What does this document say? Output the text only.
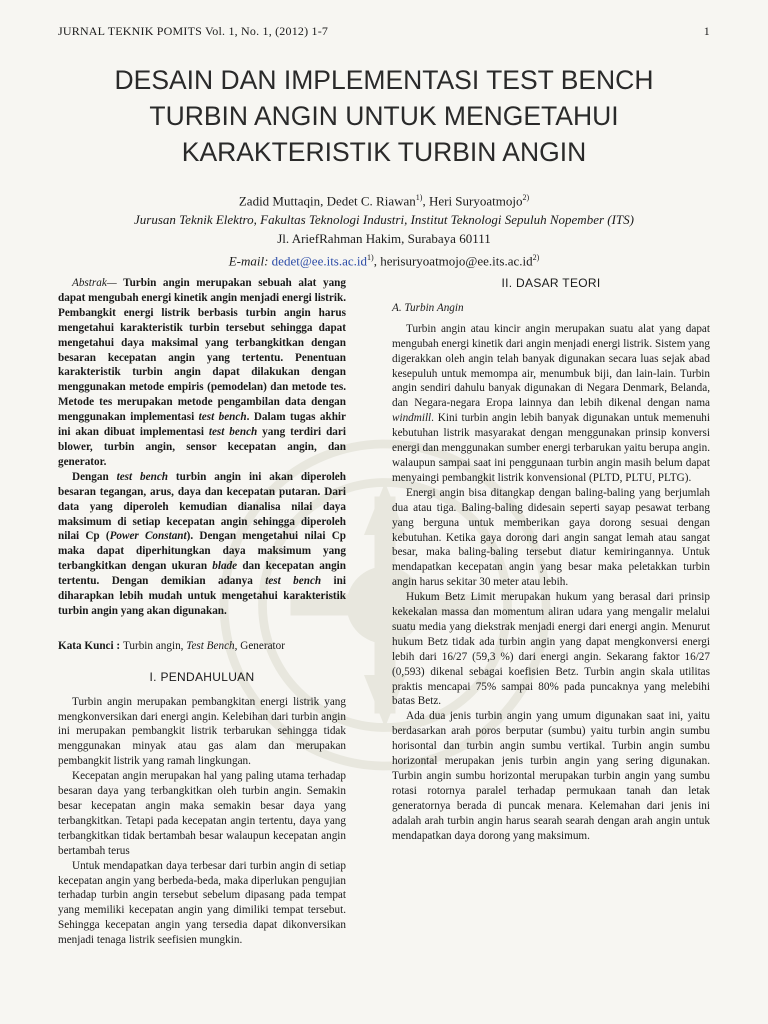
JURNAL TEKNIK POMITS Vol. 1, No. 1, (2012) 1-7	1
DESAIN DAN IMPLEMENTASI TEST BENCH
TURBIN ANGIN UNTUK MENGETAHUI
KARAKTERISTIK TURBIN ANGIN
Zadid Muttaqin, Dedet C. Riawan$^{1)}$, Heri Suryoatmojo$^{2)}$
Jurusan Teknik Elektro, Fakultas Teknologi Industri, Institut Teknologi Sepuluh Nopember (ITS)
Jl. AriefRahman Hakim, Surabaya 60111
E-mail: $dedet@ee.its.ac.id^{1)}$, $herisuryoatmojo@ee.its.ac.id^{2)}$

Abstrak— Turbin angin merupakan sebuah alat yang dapat mengubah energi kinetik angin menjadi energi listrik. Pembangkit energi listrik berbasis turbin angin harus mengetahui karakteristik turbin tersebut sehingga dapat mengetahui daya maksimal yang terbangkitkan dengan besaran kecepatan angin yang tertentu. Penentuan karakteristik turbin angin dapat dilakukan dengan menggunakan metode empiris (pemodelan) dan metode tes. Metode tes merupakan metode pengambilan data dengan menggunakan implementasi test bench. Dalam tugas akhir ini akan dibuat implementasi test bench yang terdiri dari blower, turbin angin, sensor kecepatan angin, dan generator.

Dengan test bench turbin angin ini akan diperoleh besaran tegangan, arus, daya dan kecepatan putaran. Dari data yang diperoleh kemudian dianalisa nilai daya maksimum di setiap kecepatan angin sehingga diperoleh nilai Cp (Power Constant). Dengan mengetahui nilai Cp maka dapat diperhitungkan daya maksimum yang terbangkitkan dengan ukuran blade dan kecepatan angin tertentu. Dengan demikian adanya test bench ini diharapkan lebih mudah untuk mengetahui karakteristik turbin angin yang akan digunakan.

Kata Kunci : Turbin angin, Test Bench, Generator

I. PENDAHULUAN

Turbin angin merupakan pembangkitan energi listrik yang mengkonversikan dari energi angin. Kelebihan dari turbin angin ini merupakan pembangkit listrik terbarukan sehingga tidak menggunakan minyak atau gas alam dan merupakan pembangkit listrik yang ramah lingkungan.

Kecepatan angin merupakan hal yang paling utama terhadap besaran daya yang terbangkitkan oleh turbin angin. Semakin besar kecepatan angin maka semakin besar daya yang terbangkitkan. Tetapi pada kecepatan angin tertentu, daya yang terbangkitkan tidak bertambah besar walaupun kecepatan angin bertambah terus

Untuk mendapatkan daya terbesar dari turbin angin di setiap kecepatan angin yang berbeda-beda, maka diperlukan pengujian terhadap turbin angin tersebut sebelum dipasang pada tempat yang memiliki kecepatan angin yang dimiliki tempat tersebut. Sehingga kecepatan angin yang tersedia dapat dikonversikan menjadi tenaga listrik seefisien mungkin.

II. DASAR TEORI

A. Turbin Angin

Turbin angin atau kincir angin merupakan suatu alat yang dapat mengubah energi kinetik dari angin menjadi energi listrik. Sistem yang digerakkan oleh angin telah banyak digunakan secara luas sejak abad kesepuluh untuk memompa air, menumbuk biji, dan lain-lain. Turbin angin sendiri dahulu banyak digunakan di Negara Denmark, Belanda, dan Negara-negara Eropa lainnya dan lebih dikenal dengan nama windmill. Kini turbin angin lebih banyak digunakan untuk memenuhi kebutuhan listrik masyarakat dengan menggunakan prinsip konversi energi dan menggunakan sumber energi terbarukan yaitu berupa angin. walaupun sampai saat ini penggunaan turbin angin masih belum dapat menyaingi pembangkit listrik konvensional (PLTD, PLTU, PLTG).

Energi angin bisa ditangkap dengan baling-baling yang berjumlah dua atau tiga. Baling-baling didesain seperti sayap pesawat terbang yang berguna untuk memberikan gaya dorong sesuai dengan kebutuhan. Ketika gaya dorong dari angin sangat lemah atau sangat besar, maka baling-baling tersebut diatur kemiringannya. Untuk mendapatkan kecepatan angin yang besar maka peletakkan turbin angin harus sekitar 30 meter atau lebih.

Hukum Betz Limit merupakan hukum yang berasal dari prinsip kekekalan massa dan momentum aliran udara yang mengalir melalui suatu media yang diekstrak menjadi energi dari energi angin. Menurut hukum Betz tidak ada turbin angin yang dapat mengkonversi energi lebih dari 16/27 (59,3 %) dari energi angin. Sekarang faktor 16/27 (0,593) dikenal sebagai koefisien Betz. Turbin angin skala utilitas praktis mencapai 75% sampai 80% pada puncaknya yang melebihi batas Betz.

Ada dua jenis turbin angin yang umum digunakan saat ini, yaitu berdasarkan arah poros berputar (sumbu) yaitu turbin angin sumbu horisontal dan turbin angin sumbu vertikal. Turbin angin sumbu horizontal merupakan jenis turbin angin yang sering digunakan. Turbin angin sumbu horizontal merupakan turbin angin yang sumbu rotasi rotornya paralel terhadap permukaan tanah dan letak generatornya berada di puncak menara. Kelemahan dari jenis ini adalah arah turbin angin harus searah searah dengan arah angin untuk mendapatkan daya dorong yang maksimum.
